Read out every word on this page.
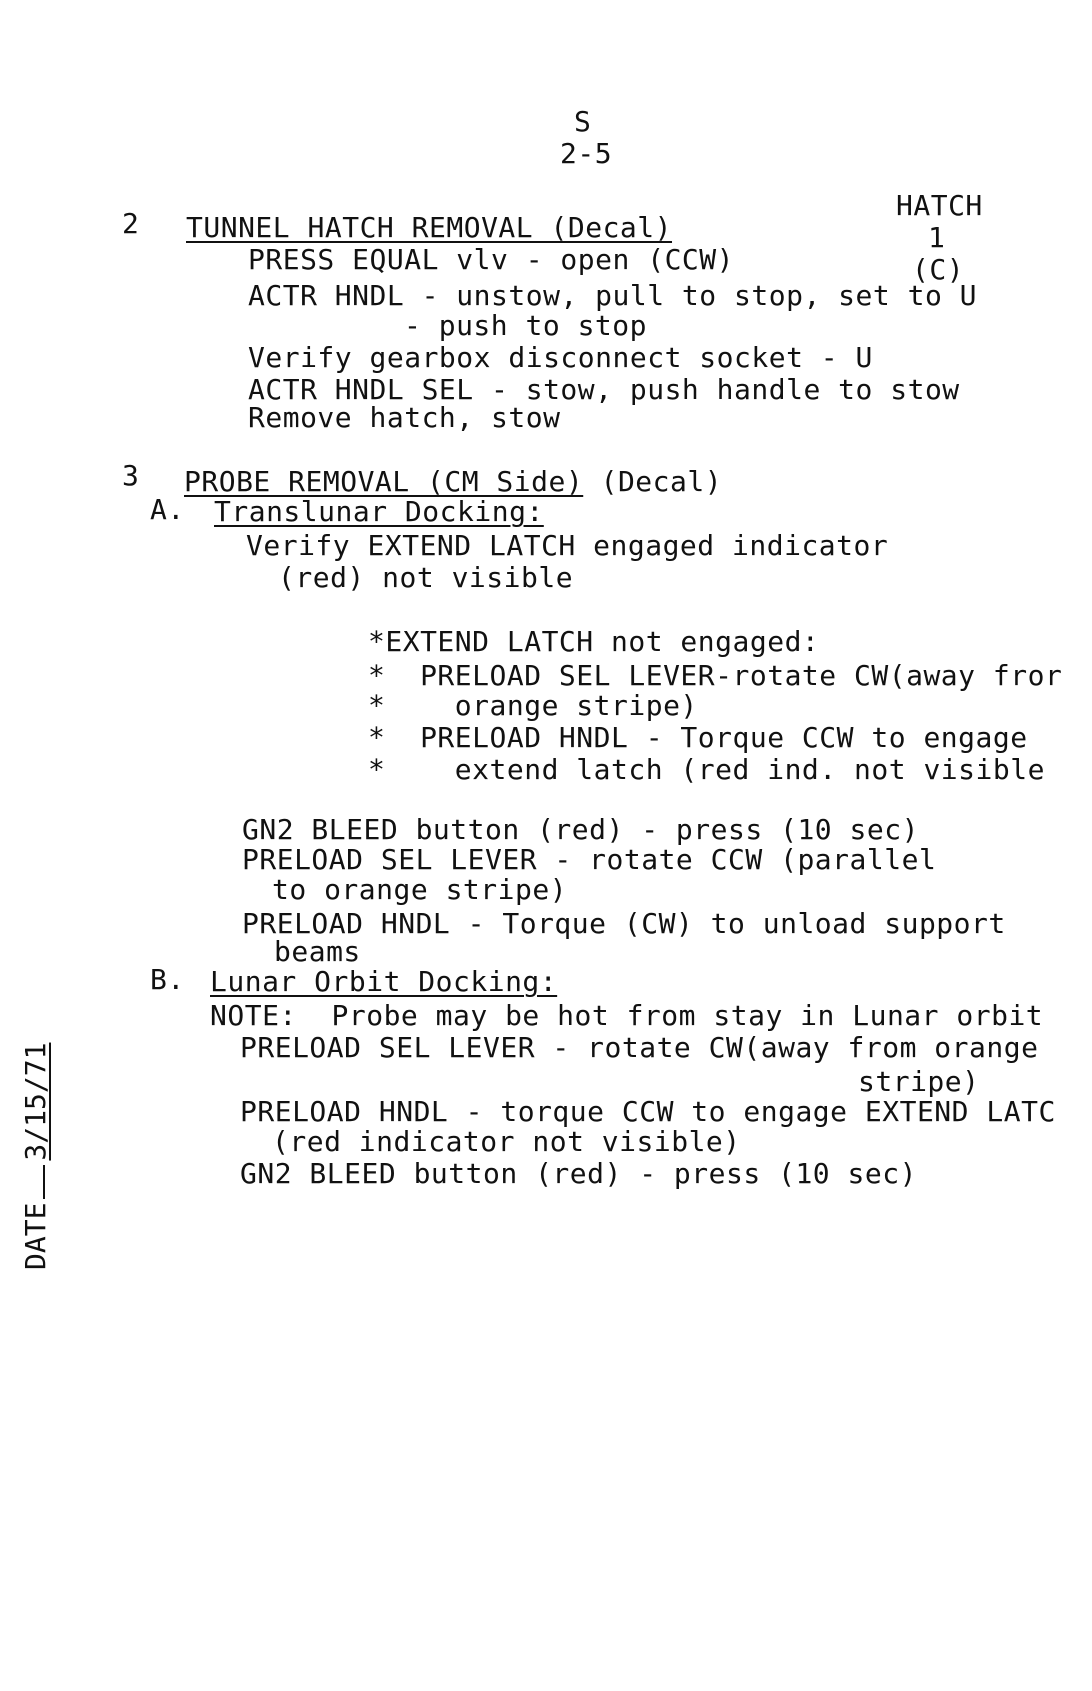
S
2-5
HATCH
1
(C)
2 TUNNEL HATCH REMOVAL (Decal)
PRESS EQUAL vlv - open (CCW)
ACTR HNDL - unstow, pull to stop, set to U
- push to stop
Verify gearbox disconnect socket - U
ACTR HNDL SEL - stow, push handle to stow
Remove hatch, stow
3 PROBE REMOVAL (CM Side) (Decal)
A. Translunar Docking:
Verify EXTEND LATCH engaged indicator
(red) not visible
*EXTEND LATCH not engaged:
*  PRELOAD SEL LEVER-rotate CW(away fror
*    orange stripe)
*  PRELOAD HNDL - Torque CCW to engage
*    extend latch (red ind. not visible
GN2 BLEED button (red) - press (10 sec)
PRELOAD SEL LEVER - rotate CCW (parallel
to orange stripe)
PRELOAD HNDL - Torque (CW) to unload support
beams
B. Lunar Orbit Docking:
NOTE:  Probe may be hot from stay in Lunar orbit
PRELOAD SEL LEVER - rotate CW(away from orange
stripe)
PRELOAD HNDL - torque CCW to engage EXTEND LATC
(red indicator not visible)
GN2 BLEED button (red) - press (10 sec)
DATE3/15/71
